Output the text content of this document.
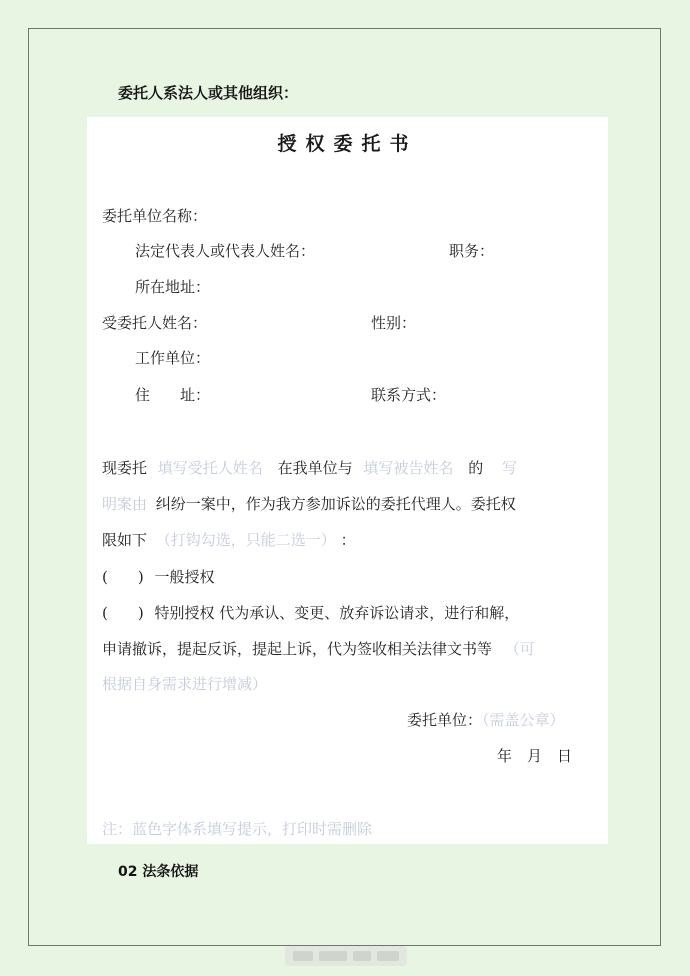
委托人系法人或其他组织：
授权委托书
委托单位名称：
法定代表人或代表人姓名：	职务：
所在地址：
受委托人姓名：	性别：
工作单位：
住　　址：	联系方式：
现委托 填写受托人姓名 在我单位与 填写被告姓名 的 写
明案由 纠纷一案中，作为我方参加诉讼的委托代理人。委托权
限如下 （打钩勾选，只能二选一） ：
(　　) 一般授权
(　　) 特别授权 代为承认、变更、放弃诉讼请求，进行和解，
申请撤诉，提起反诉，提起上诉，代为签收相关法律文书等 （可
根据自身需求进行增减）
委托单位：（需盖公章）
年　月　日
注：蓝色字体系填写提示，打印时需删除
02 法条依据
